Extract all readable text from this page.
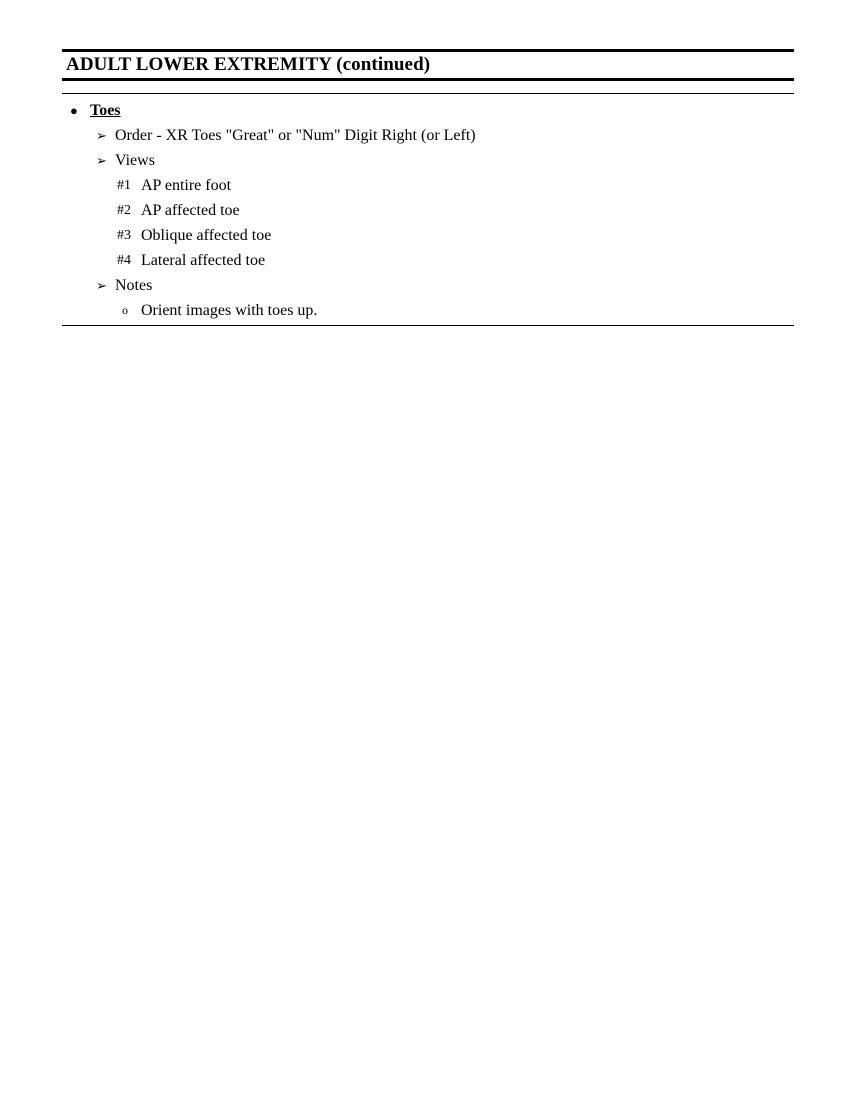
ADULT LOWER EXTREMITY (continued)
● Toes
➢ Order - XR Toes "Great" or "Num" Digit Right (or Left)
➢ Views
#1 AP entire foot
#2 AP affected toe
#3 Oblique affected toe
#4 Lateral affected toe
➢ Notes
o Orient images with toes up.
